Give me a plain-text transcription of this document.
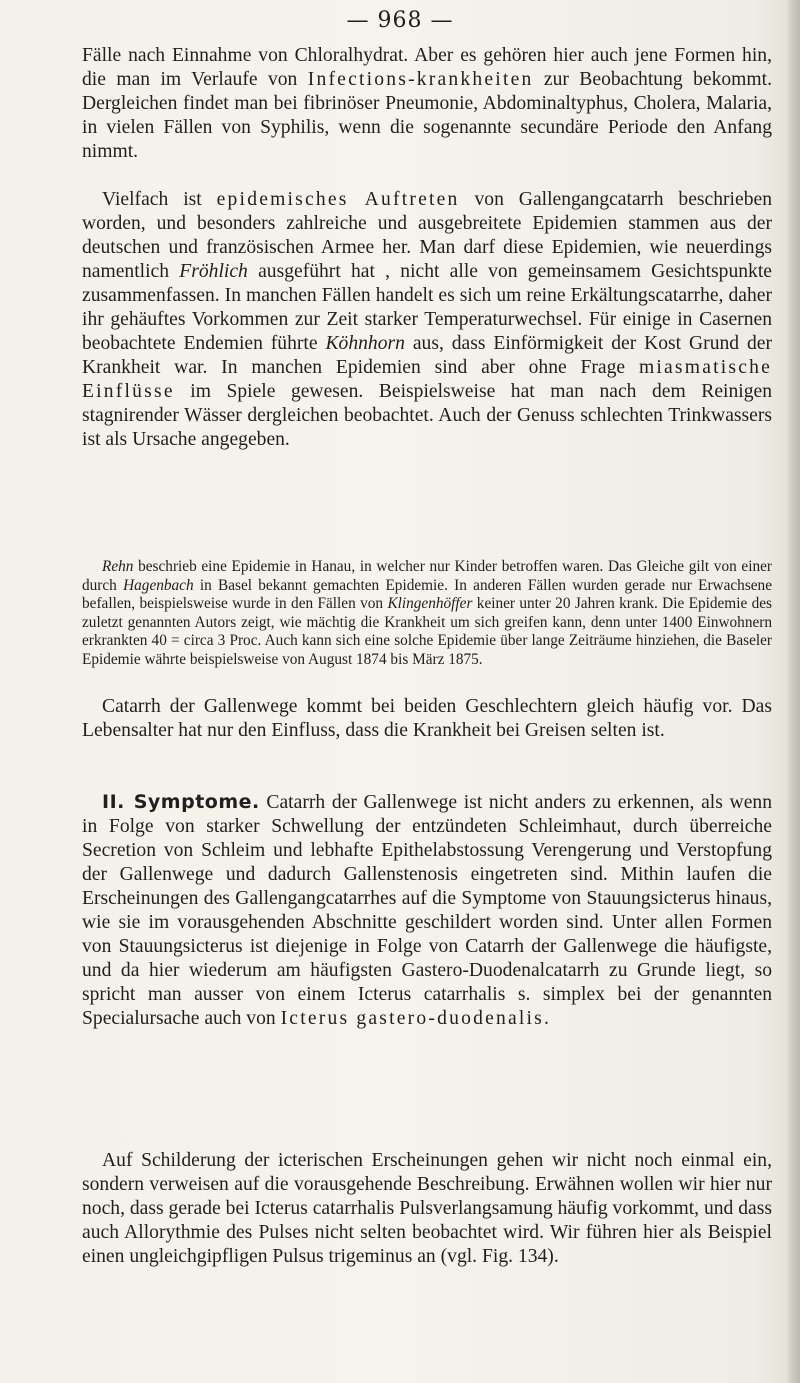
— 968 —

Fälle nach Einnahme von Chloralhydrat. Aber es gehören hier auch jene Formen hin, die man im Verlaufe von Infections-krankheiten zur Beobachtung bekommt. Dergleichen findet man bei fibrinöser Pneumonie, Abdominaltyphus, Cholera, Malaria, in vielen Fällen von Syphilis, wenn die sogenannte secundäre Periode den Anfang nimmt.

Vielfach ist epidemisches Auftreten von Gallengangcatarrh beschrieben worden, und besonders zahlreiche und ausgebreitete Epidemien stammen aus der deutschen und französischen Armee her. Man darf diese Epidemien, wie neuerdings namentlich Fröhlich ausgeführt hat , nicht alle von gemeinsamem Gesichtspunkte zusammenfassen. In manchen Fällen handelt es sich um reine Erkältungscatarrhe, daher ihr gehäuftes Vorkommen zur Zeit starker Temperaturwechsel. Für einige in Casernen beobachtete Endemien führte Köhnhorn aus, dass Einförmigkeit der Kost Grund der Krankheit war. In manchen Epidemien sind aber ohne Frage miasmatische Einflüsse im Spiele gewesen. Beispielsweise hat man nach dem Reinigen stagnirender Wässer dergleichen beobachtet. Auch der Genuss schlechten Trinkwassers ist als Ursache angegeben.

Rehn beschrieb eine Epidemie in Hanau, in welcher nur Kinder betroffen waren. Das Gleiche gilt von einer durch Hagenbach in Basel bekannt gemachten Epidemie. In anderen Fällen wurden gerade nur Erwachsene befallen, beispielsweise wurde in den Fällen von Klingenhöffer keiner unter 20 Jahren krank. Die Epidemie des zuletzt genannten Autors zeigt, wie mächtig die Krankheit um sich greifen kann, denn unter 1400 Einwohnern erkrankten 40 = circa 3 Proc. Auch kann sich eine solche Epidemie über lange Zeiträume hinziehen, die Baseler Epidemie währte beispielsweise von August 1874 bis März 1875.

Catarrh der Gallenwege kommt bei beiden Geschlechtern gleich häufig vor. Das Lebensalter hat nur den Einfluss, dass die Krankheit bei Greisen selten ist.

II. Symptome. Catarrh der Gallenwege ist nicht anders zu erkennen, als wenn in Folge von starker Schwellung der entzündeten Schleimhaut, durch überreiche Secretion von Schleim und lebhafte Epithelabstossung Verengerung und Verstopfung der Gallenwege und dadurch Gallenstenosis eingetreten sind. Mithin laufen die Erscheinungen des Gallengangcatarrhes auf die Symptome von Stauungsicterus hinaus, wie sie im vorausgehenden Abschnitte geschildert worden sind. Unter allen Formen von Stauungsicterus ist diejenige in Folge von Catarrh der Gallenwege die häufigste, und da hier wiederum am häufigsten Gastero-Duodenalcatarrh zu Grunde liegt, so spricht man ausser von einem Icterus catarrhalis s. simplex bei der genannten Specialursache auch von Icterus gastero-duodenalis.

Auf Schilderung der icterischen Erscheinungen gehen wir nicht noch einmal ein, sondern verweisen auf die vorausgehende Beschreibung. Erwähnen wollen wir hier nur noch, dass gerade bei Icterus catarrhalis Pulsverlangsamung häufig vorkommt, und dass auch Allorythmie des Pulses nicht selten beobachtet wird. Wir führen hier als Beispiel einen ungleichgipfligen Pulsus trigeminus an (vgl. Fig. 134).
